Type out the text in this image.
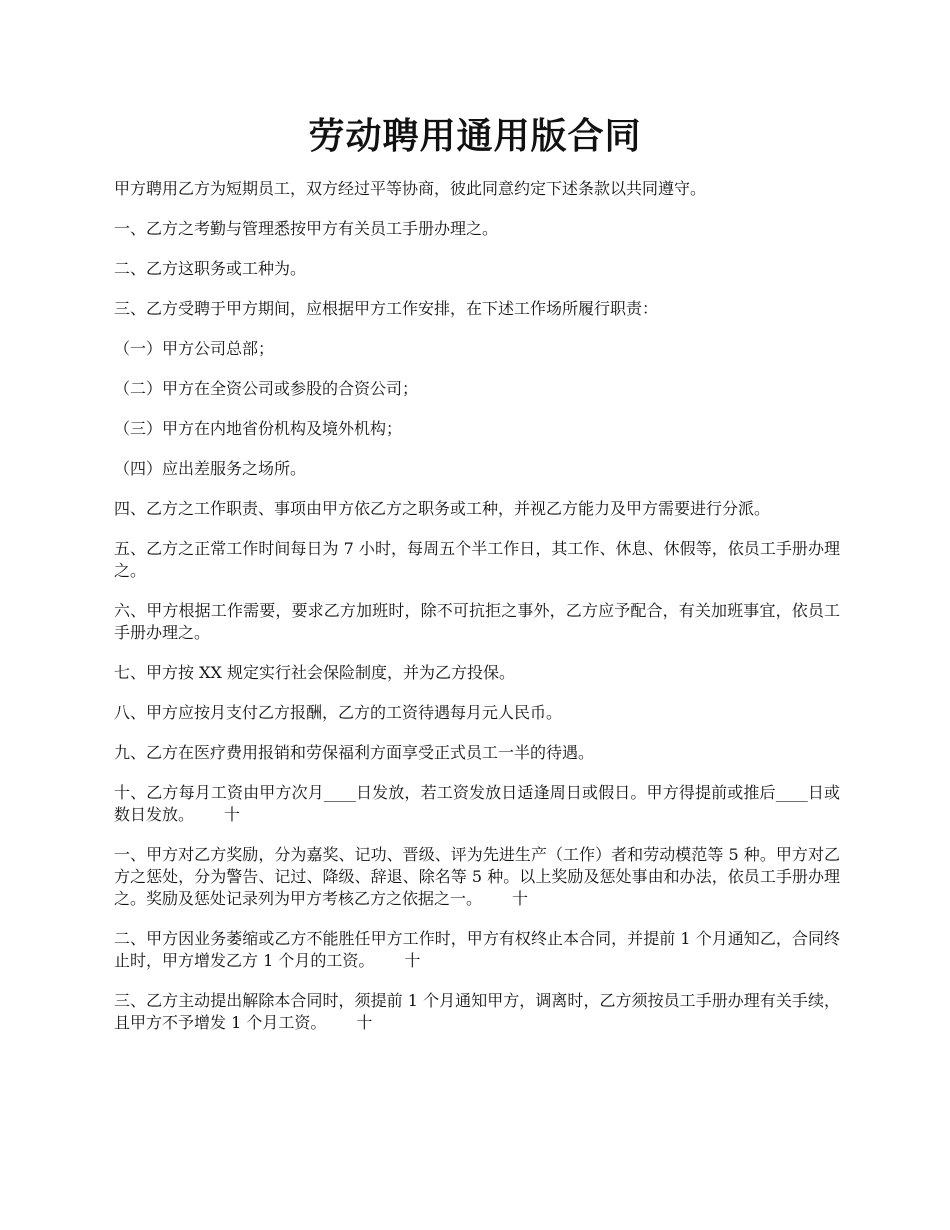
劳动聘用通用版合同

甲方聘用乙方为短期员工，双方经过平等协商，彼此同意约定下述条款以共同遵守。

一、乙方之考勤与管理悉按甲方有关员工手册办理之。

二、乙方这职务或工种为。

三、乙方受聘于甲方期间，应根据甲方工作安排，在下述工作场所履行职责：

（一）甲方公司总部；

（二）甲方在全资公司或参股的合资公司；

（三）甲方在内地省份机构及境外机构；

（四）应出差服务之场所。

四、乙方之工作职责、事项由甲方依乙方之职务或工种，并视乙方能力及甲方需要进行分派。

五、乙方之正常工作时间每日为 7 小时，每周五个半工作日，其工作、休息、休假等，依员工手册办理之。

六、甲方根据工作需要，要求乙方加班时，除不可抗拒之事外，乙方应予配合，有关加班事宜，依员工手册办理之。

七、甲方按 XX 规定实行社会保险制度，并为乙方投保。

八、甲方应按月支付乙方报酬，乙方的工资待遇每月元人民币。

九、乙方在医疗费用报销和劳保福利方面享受正式员工一半的待遇。

十、乙方每月工资由甲方次月____日发放，若工资发放日适逢周日或假日。甲方得提前或推后____日或数日发放。 十

一、甲方对乙方奖励，分为嘉奖、记功、晋级、评为先进生产（工作）者和劳动模范等 5 种。甲方对乙方之惩处，分为警告、记过、降级、辞退、除名等 5 种。以上奖励及惩处事由和办法，依员工手册办理之。奖励及惩处记录列为甲方考核乙方之依据之一。 十

二、甲方因业务萎缩或乙方不能胜任甲方工作时，甲方有权终止本合同，并提前 1 个月通知乙，合同终止时，甲方增发乙方 1 个月的工资。 十

三、乙方主动提出解除本合同时，须提前 1 个月通知甲方，调离时，乙方须按员工手册办理有关手续，且甲方不予增发 1 个月工资。 十
